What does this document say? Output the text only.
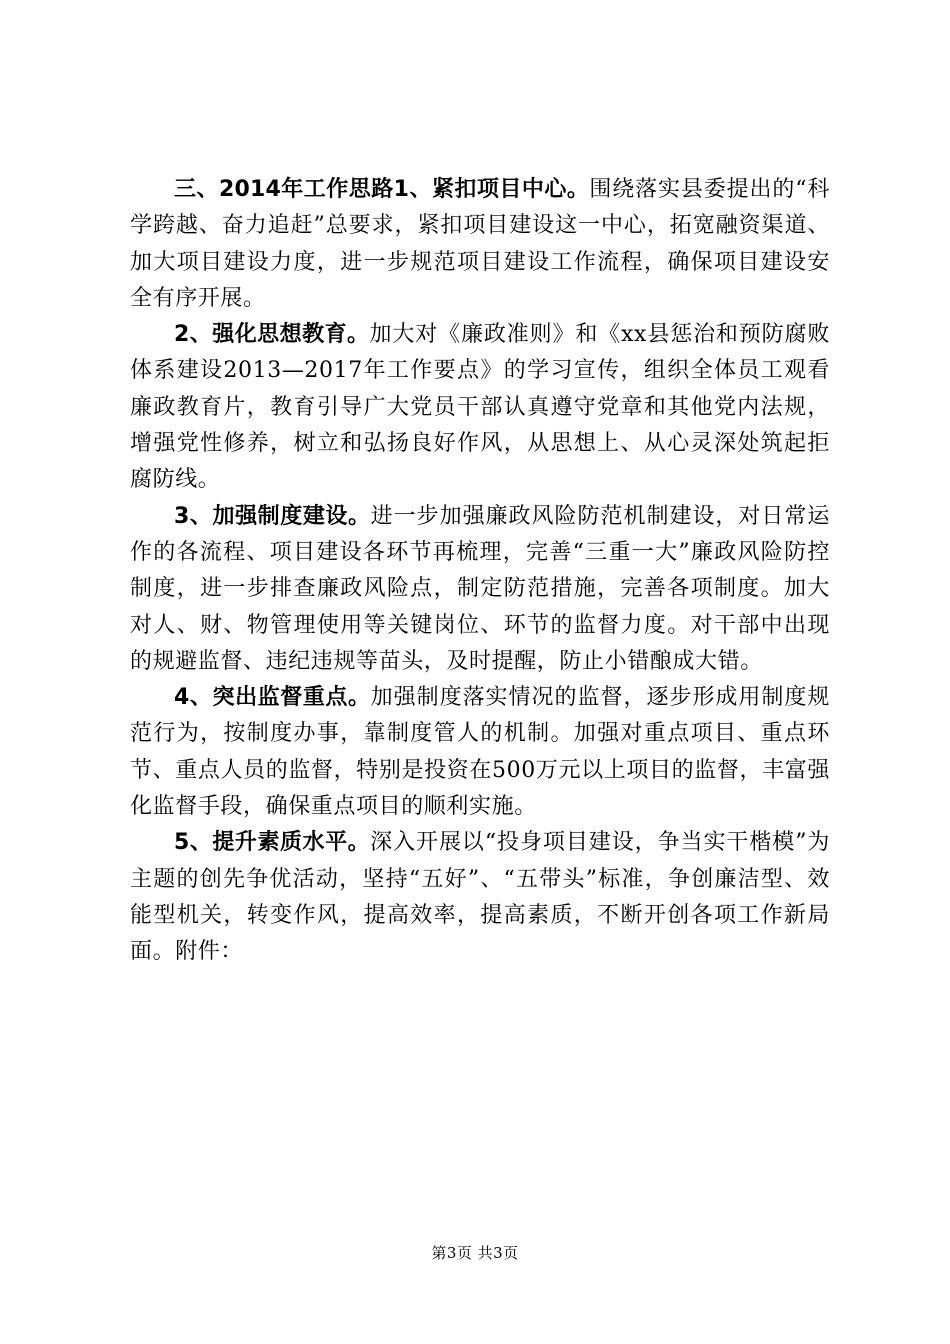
三、2014年工作思路1、紧扣项目中心。围绕落实县委提出的“科学跨越、奋力追赶”总要求，紧扣项目建设这一中心，拓宽融资渠道、加大项目建设力度，进一步规范项目建设工作流程，确保项目建设安全有序开展。

2、强化思想教育。加大对《廉政准则》和《xx县惩治和预防腐败体系建设2013—2017年工作要点》的学习宣传，组织全体员工观看廉政教育片，教育引导广大党员干部认真遵守党章和其他党内法规，增强党性修养，树立和弘扬良好作风，从思想上、从心灵深处筑起拒腐防线。

3、加强制度建设。进一步加强廉政风险防范机制建设，对日常运作的各流程、项目建设各环节再梳理，完善“三重一大”廉政风险防控制度，进一步排查廉政风险点，制定防范措施，完善各项制度。加大对人、财、物管理使用等关键岗位、环节的监督力度。对干部中出现的规避监督、违纪违规等苗头，及时提醒，防止小错酿成大错。

4、突出监督重点。加强制度落实情况的监督，逐步形成用制度规范行为，按制度办事，靠制度管人的机制。加强对重点项目、重点环节、重点人员的监督，特别是投资在500万元以上项目的监督，丰富强化监督手段，确保重点项目的顺利实施。

5、提升素质水平。深入开展以“投身项目建设，争当实干楷模”为主题的创先争优活动，坚持“五好”、“五带头”标准，争创廉洁型、效能型机关，转变作风，提高效率，提高素质，不断开创各项工作新局面。附件：

第3页 共3页
